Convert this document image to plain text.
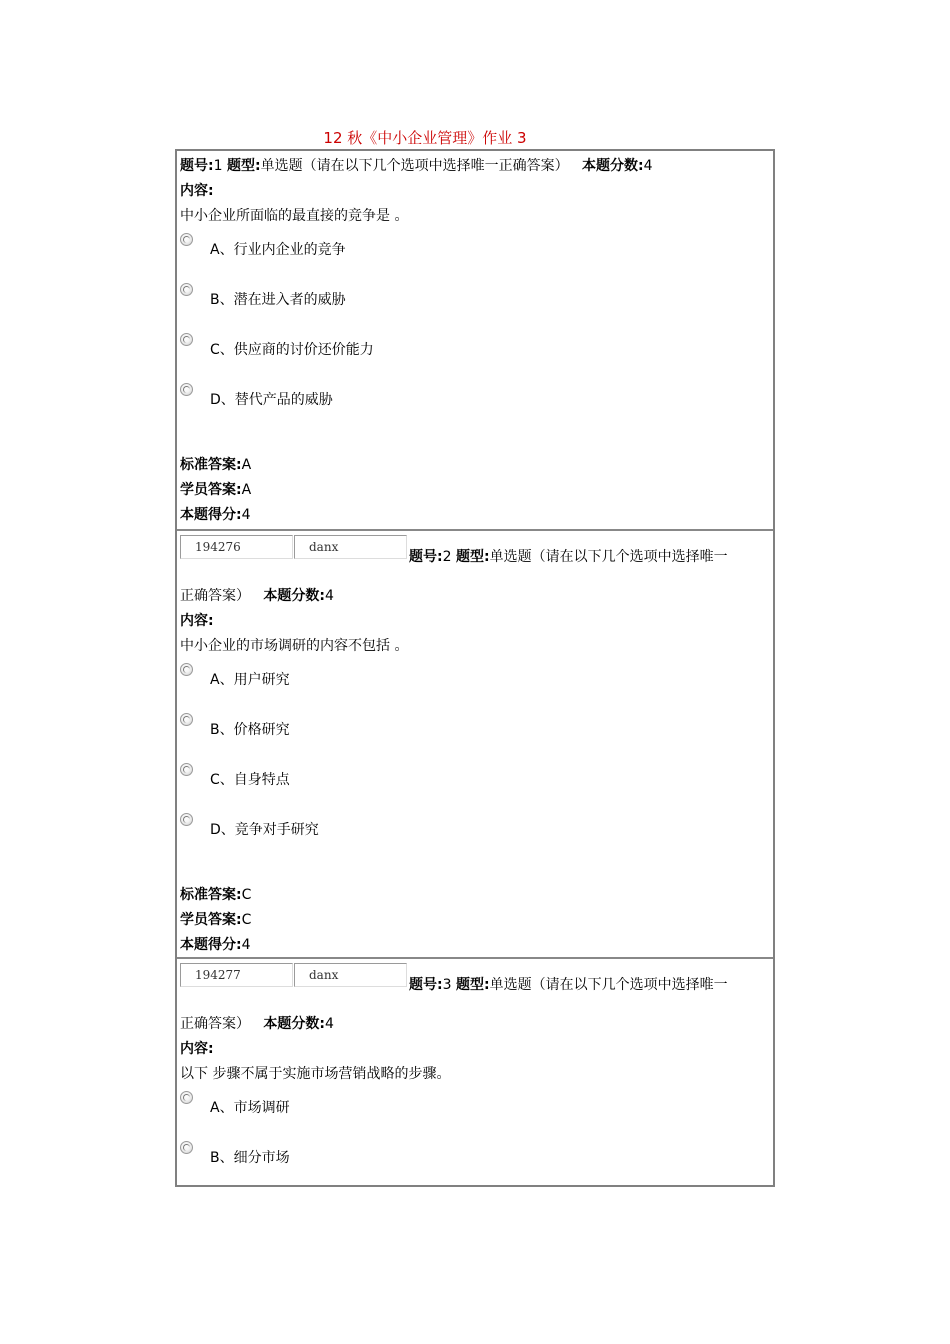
12 秋《中小企业管理》作业 3
题号:1 题型:单选题（请在以下几个选项中选择唯一正确答案） 本题分数:4
内容:
中小企业所面临的最直接的竞争是 。
A、行业内企业的竞争
B、潜在进入者的威胁
C、供应商的讨价还价能力
D、替代产品的威胁
标准答案:A
学员答案:A
本题得分:4
194276	danx
题号:2 题型:单选题（请在以下几个选项中选择唯一
正确答案） 本题分数:4
内容:
中小企业的市场调研的内容不包括 。
A、用户研究
B、价格研究
C、自身特点
D、竞争对手研究
标准答案:C
学员答案:C
本题得分:4
194277	danx
题号:3 题型:单选题（请在以下几个选项中选择唯一
正确答案） 本题分数:4
内容:
以下 步骤不属于实施市场营销战略的步骤。
A、市场调研
B、细分市场
